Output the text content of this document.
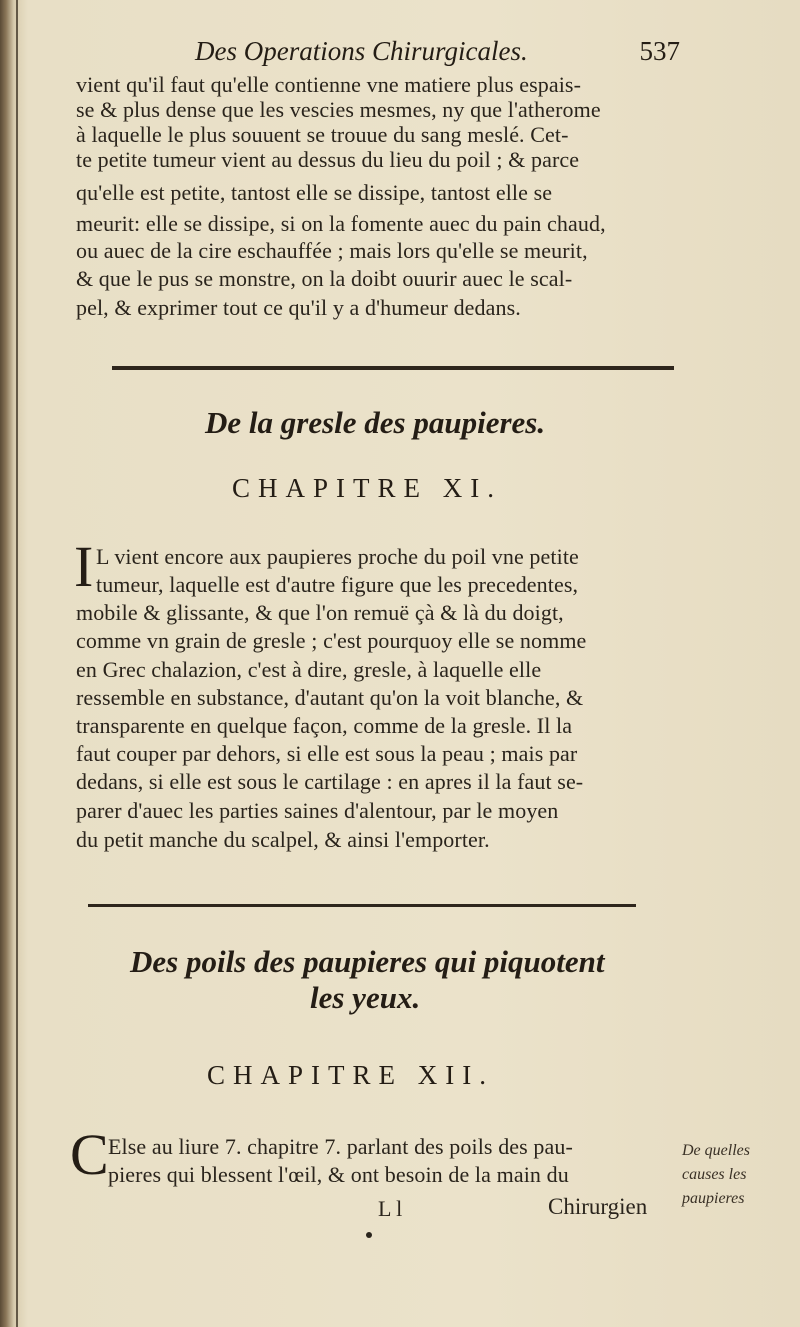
Des Operations Chirurgicales.	537
vient qu'il faut qu'elle contienne vne matiere plus espais-
se & plus dense que les vescies mesmes, ny que l'atherome
à laquelle le plus souuent se trouue du sang meslé. Cet-
te petite tumeur vient au dessus du lieu du poil ; & parce
qu'elle est petite, tantost elle se dissipe, tantost elle se
meurit: elle se dissipe, si on la fomente auec du pain chaud,
ou auec de la cire eschauffée ; mais lors qu'elle se meurit,
& que le pus se monstre, on la doibt ouurir auec le scal-
pel, & exprimer tout ce qu'il y a d'humeur dedans.
De la gresle des paupieres.
CHAPITRE XI.
I L vient encore aux paupieres proche du poil vne petite
tumeur, laquelle est d'autre figure que les precedentes,
mobile & glissante, & que l'on remuë çà & là du doigt,
comme vn grain de gresle ; c'est pourquoy elle se nomme
en Grec chalazion, c'est à dire, gresle, à laquelle elle
ressemble en substance, d'autant qu'on la voit blanche, &
transparente en quelque façon, comme de la gresle. Il la
faut couper par dehors, si elle est sous la peau ; mais par
dedans, si elle est sous le cartilage : en apres il la faut se-
parer d'auec les parties saines d'alentour, par le moyen
du petit manche du scalpel, & ainsi l'emporter.
Des poils des paupieres qui piquotent
les yeux.
CHAPITRE XII.
C Else au liure 7. chapitre 7. parlant des poils des pau-
pieres qui blessent l'œil, & ont besoin de la main du
De quelles
causes les
paupieres
L l	Chirurgien
